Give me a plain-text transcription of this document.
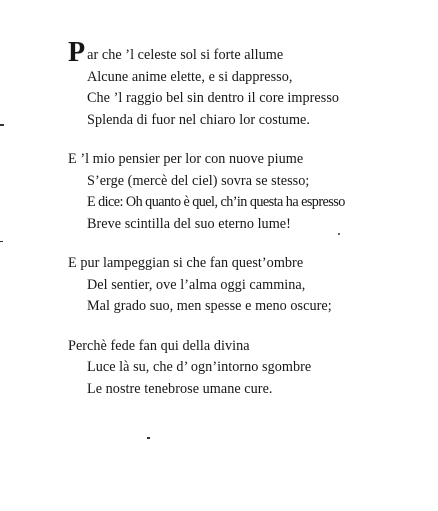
Par che ’l celeste sol si forte allume
Alcune anime elette, e si dappresso,
Che ’l raggio bel sin dentro il core impresso
Splenda di fuor nel chiaro lor costume.
E ’l mio pensier per lor con nuove piume
S’erge (mercè del ciel) sovra se stesso;
E dice: Oh quanto è quel, ch’in questa ha espresso
Breve scintilla del suo eterno lume!
E pur lampeggian si che fan quest’ombre
Del sentier, ove l’alma oggi cammina,
Mal grado suo, men spesse e meno oscure;
Perchè fede fan qui della divina
Luce là su, che d’ ogn’intorno sgombre
Le nostre tenebrose umane cure.
